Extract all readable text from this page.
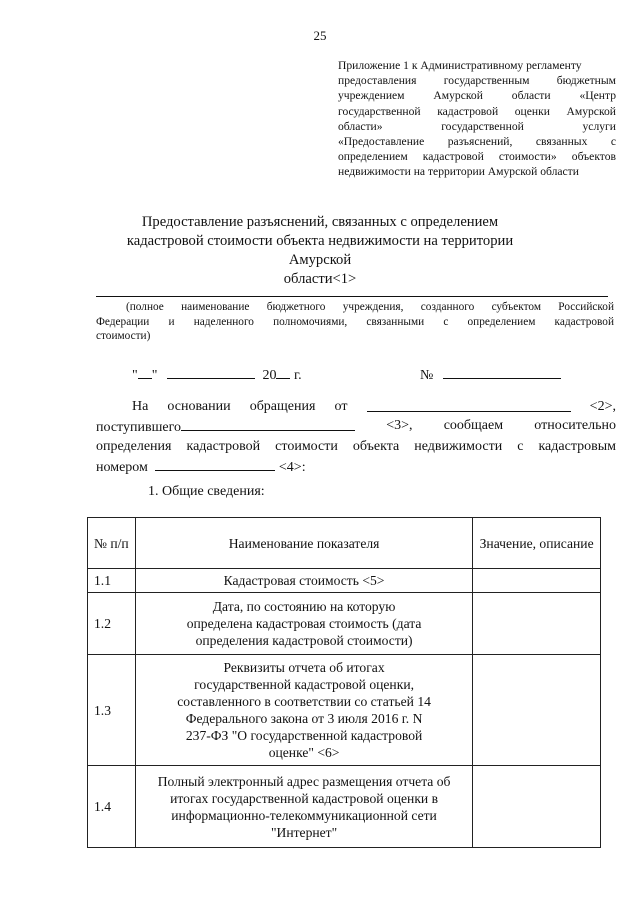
25
Приложение 1 к Административному регламенту
предоставления государственным бюджетным
учреждением Амурской области «Центр
государственной кадастровой оценки Амурской
области» государственной услуги
«Предоставление разъяснений, связанных с
определением кадастровой стоимости» объектов
недвижимости на территории Амурской области
Предоставление разъяснений, связанных с определением
кадастровой стоимости объекта недвижимости на территории Амурской
области<1>
(полное наименование бюджетного учреждения, созданного субъектом Российской
Федерации и наделенного полномочиями, связанными с определением кадастровой
стоимости)
" "	20 г.	№
На основании обращения от	<2>,
поступившего	<3>, сообщаем относительно
определения кадастровой стоимости объекта недвижимости с кадастровым
номером	<4>:
1. Общие сведения:
№ п/п	Наименование показателя	Значение, описание
1.1	Кадастровая стоимость <5>	
1.2	Дата, по состоянию на которую определена кадастровая стоимость (дата определения кадастровой стоимости)	
1.3	Реквизиты отчета об итогах государственной кадастровой оценки, составленного в соответствии со статьей 14 Федерального закона от 3 июля 2016 г. N 237-ФЗ "О государственной кадастровой оценке" <6>	
1.4	Полный электронный адрес размещения отчета об итогах государственной кадастровой оценки в информационно-телекоммуникационной сети "Интернет"	
